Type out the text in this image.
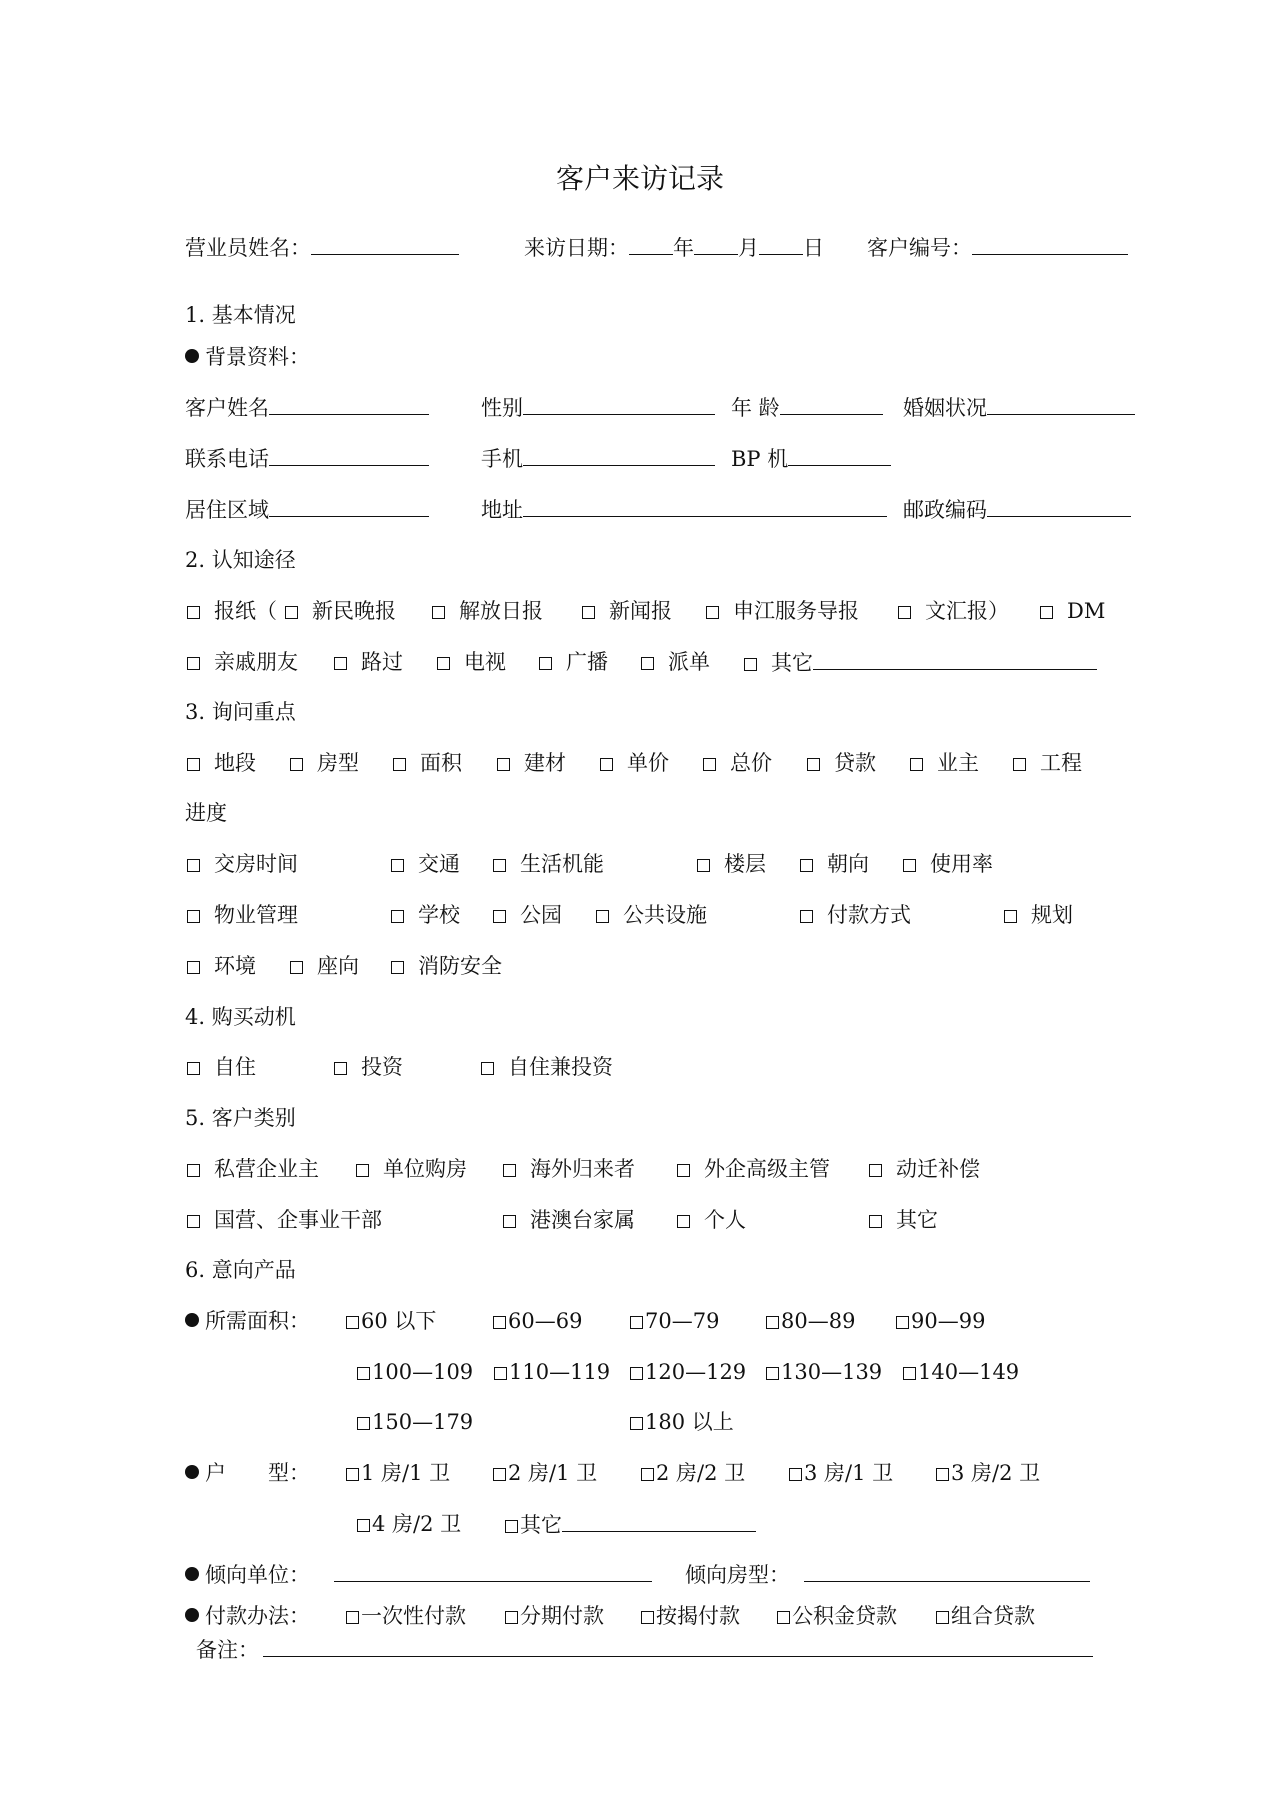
客户来访记录
营业员姓名：	来访日期： 年 月 日 客户编号：
1. 基本情况
背景资料：
客户姓名	性别	年 龄	婚姻状况
联系电话	手机	BP 机
居住区域	地址	邮政编码
2. 认知途径
报纸（	新民晚报	解放日报	新闻报	申江服务导报	文汇报）	DM
亲戚朋友	路过	电视	广播	派单	其它
3. 询问重点
地段	房型	面积	建材	单价	总价	贷款	业主	工程
进度
交房时间	交通	生活机能	楼层	朝向	使用率
物业管理	学校	公园	公共设施	付款方式	规划
环境	座向	消防安全
4. 购买动机
自住	投资	自住兼投资
5. 客户类别
私营企业主	单位购房	海外归来者	外企高级主管	动迁补偿
国营、企事业干部	港澳台家属	个人	其它
6. 意向产品
所需面积：	60 以下	60—69	70—79	80—89	90—99
100—109	110—119	120—129	130—139	140—149
150—179	180 以上
户　　型：	1 房/1 卫	2 房/1 卫	2 房/2 卫	3 房/1 卫	3 房/2 卫
4 房/2 卫	其它
倾向单位：	倾向房型：
付款办法：	一次性付款	分期付款	按揭付款	公积金贷款	组合贷款
备注：
